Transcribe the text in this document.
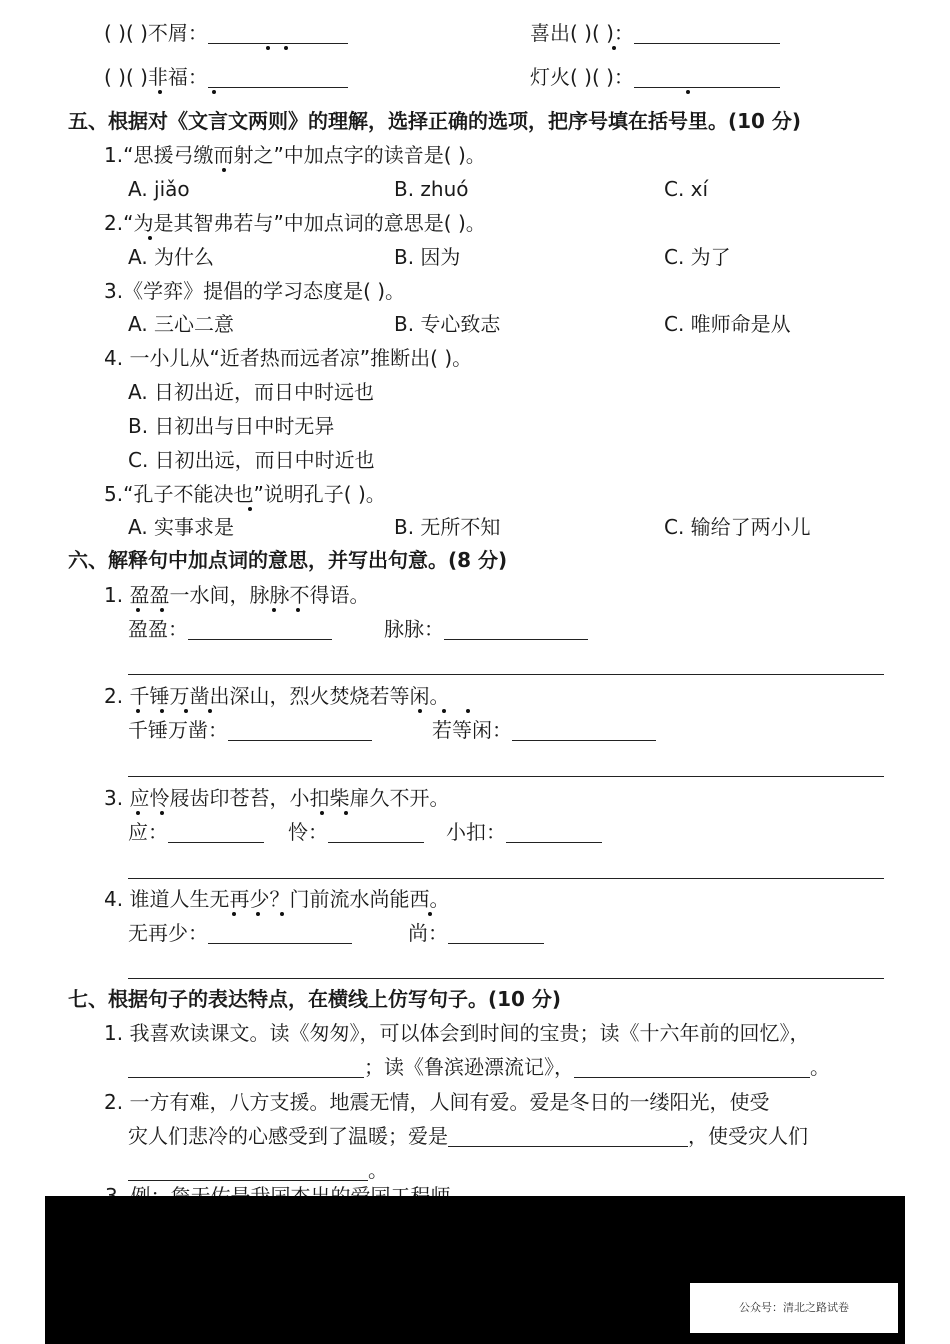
( )( )不屑：	喜出( )( )：
( )( )非福：	灯火( )( )：
五、根据对《文言文两则》的理解，选择正确的选项，把序号填在括号里。(10 分)
1.“思援弓缴而射之”中加点字的读音是( )。
A. jiǎo	B. zhuó	C. xí
2.“为是其智弗若与”中加点词的意思是( )。
A. 为什么	B. 因为	C. 为了
3.《学弈》提倡的学习态度是( )。
A. 三心二意	B. 专心致志	C. 唯师命是从
4. 一小儿从“近者热而远者凉”推断出( )。
A. 日初出近，而日中时远也
B. 日初出与日中时无异
C. 日初出远，而日中时近也
5.“孔子不能决也”说明孔子( )。
A. 实事求是	B. 无所不知	C. 输给了两小儿
六、解释句中加点词的意思，并写出句意。(8 分)
1. 盈盈一水间，脉脉不得语。
盈盈：	脉脉：
2. 千锤万凿出深山，烈火焚烧若等闲。
千锤万凿：	若等闲：
3. 应怜屐齿印苍苔，小扣柴扉久不开。
应：	怜：	小扣：
4. 谁道人生无再少？门前流水尚能西。
无再少：	尚：
七、根据句子的表达特点，在横线上仿写句子。(10 分)
1. 我喜欢读课文。读《匆匆》，可以体会到时间的宝贵；读《十六年前的回忆》，
；读《鲁滨逊漂流记》，	。
2. 一方有难，八方支援。地震无情，人间有爱。爱是冬日的一缕阳光，使受
灾人们悲冷的心感受到了温暖；爱是	，使受灾人们
。
公众号：清北之路试卷
